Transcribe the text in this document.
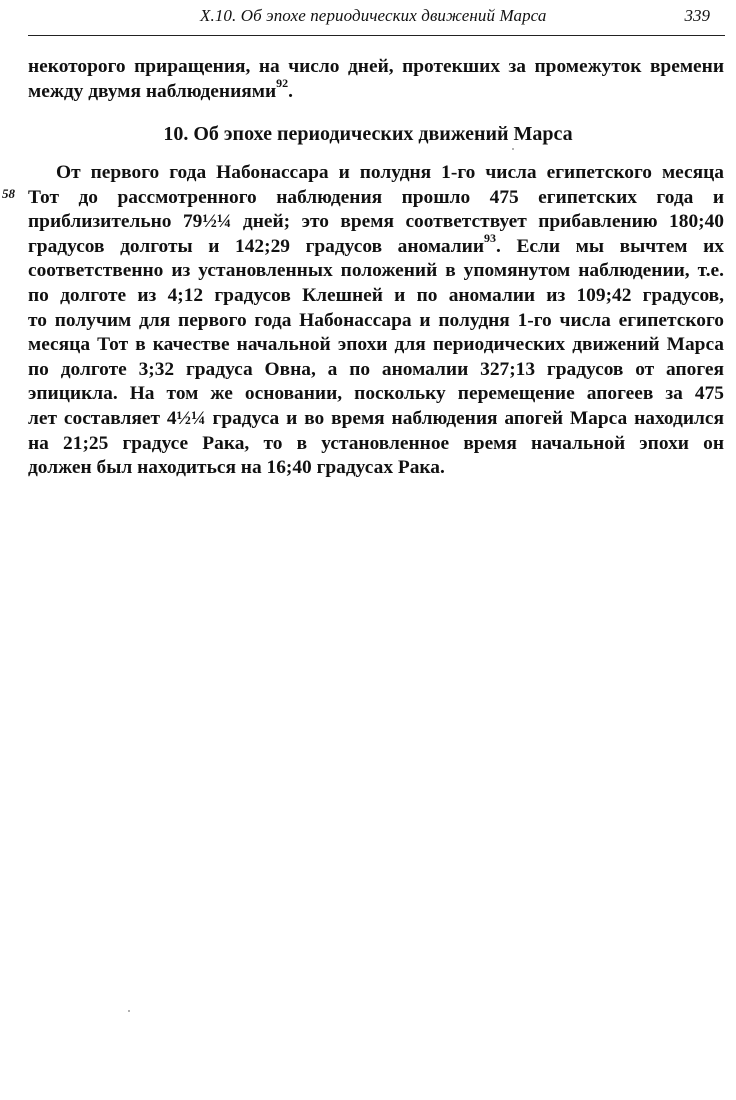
X.10. Об эпохе периодических движений Марса	339
некоторого приращения, на число дней, протекших за промежуток времени
между двумя наблюдениями$^{92}$.
10. Об эпохе периодических движений Марса
58
От первого года Набонассара и полудня 1-го числа египетского месяца
Тот до рассмотренного наблюдения прошло 475 египетских года и
приблизительно 79½¼ дней; это время соответствует прибавлению 180;40
градусов долготы и 142;29 градусов аномалии$^{93}$. Если мы вычтем их
соответственно из установленных положений в упомянутом наблюдении, т.е.
по долготе из 4;12 градусов Клешней и по аномалии из 109;42 градусов,
то получим для первого года Набонассара и полудня 1-го числа египетского
месяца Тот в качестве начальной эпохи для периодических движений Марса
по долготе 3;32 градуса Овна, а по аномалии 327;13 градусов от апогея
эпицикла. На том же основании, поскольку перемещение апогеев за 475
лет составляет 4½¼ градуса и во время наблюдения апогей Марса находился
на 21;25 градусе Рака, то в установленное время начальной эпохи он
должен был находиться на 16;40 градусах Рака.
